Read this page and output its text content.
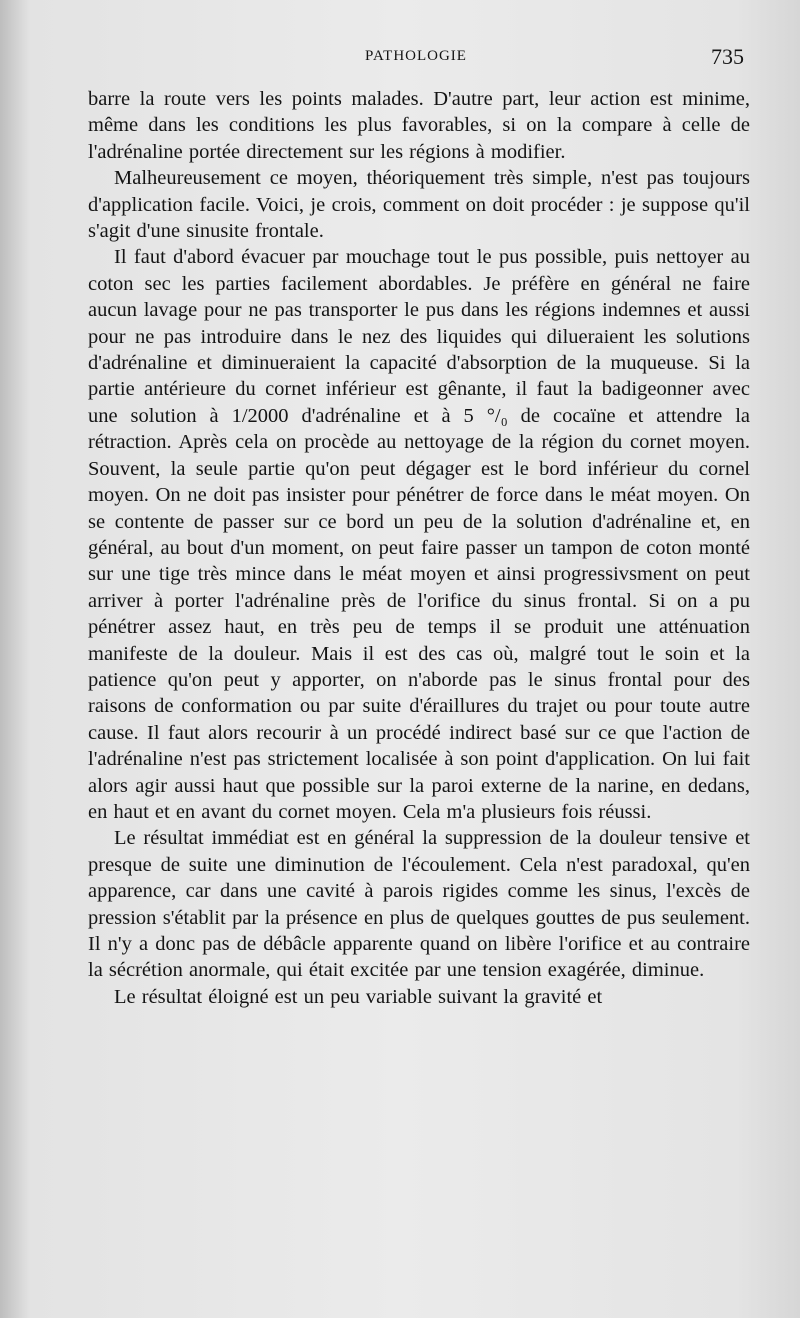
PATHOLOGIE	735

barre la route vers les points malades. D'autre part, leur action est minime, même dans les conditions les plus favorables, si on la compare à celle de l'adrénaline portée directement sur les régions à modifier.

Malheureusement ce moyen, théoriquement très simple, n'est pas toujours d'application facile. Voici, je crois, comment on doit procéder : je suppose qu'il s'agit d'une sinusite frontale.

Il faut d'abord évacuer par mouchage tout le pus possible, puis nettoyer au coton sec les parties facilement abordables. Je préfère en général ne faire aucun lavage pour ne pas transporter le pus dans les régions indemnes et aussi pour ne pas introduire dans le nez des liquides qui dilueraient les solutions d'adrénaline et diminueraient la capacité d'absorption de la muqueuse. Si la partie antérieure du cornet inférieur est gênante, il faut la badigeonner avec une solution à 1/2000 d'adrénaline et à 5 °/₀ de cocaïne et attendre la rétraction. Après cela on procède au nettoyage de la région du cornet moyen. Souvent, la seule partie qu'on peut dégager est le bord inférieur du cornel moyen. On ne doit pas insister pour pénétrer de force dans le méat moyen. On se contente de passer sur ce bord un peu de la solution d'adrénaline et, en général, au bout d'un moment, on peut faire passer un tampon de coton monté sur une tige très mince dans le méat moyen et ainsi progressivsment on peut arriver à porter l'adrénaline près de l'orifice du sinus frontal. Si on a pu pénétrer assez haut, en très peu de temps il se produit une atténuation manifeste de la douleur. Mais il est des cas où, malgré tout le soin et la patience qu'on peut y apporter, on n'aborde pas le sinus frontal pour des raisons de conformation ou par suite d'éraillures du trajet ou pour toute autre cause. Il faut alors recourir à un procédé indirect basé sur ce que l'action de l'adrénaline n'est pas strictement localisée à son point d'application. On lui fait alors agir aussi haut que possible sur la paroi externe de la narine, en dedans, en haut et en avant du cornet moyen. Cela m'a plusieurs fois réussi.

Le résultat immédiat est en général la suppression de la douleur tensive et presque de suite une diminution de l'écoulement. Cela n'est paradoxal, qu'en apparence, car dans une cavité à parois rigides comme les sinus, l'excès de pression s'établit par la présence en plus de quelques gouttes de pus seulement. Il n'y a donc pas de débâcle apparente quand on libère l'orifice et au contraire la sécrétion anormale, qui était excitée par une tension exagérée, diminue.

Le résultat éloigné est un peu variable suivant la gravité et
